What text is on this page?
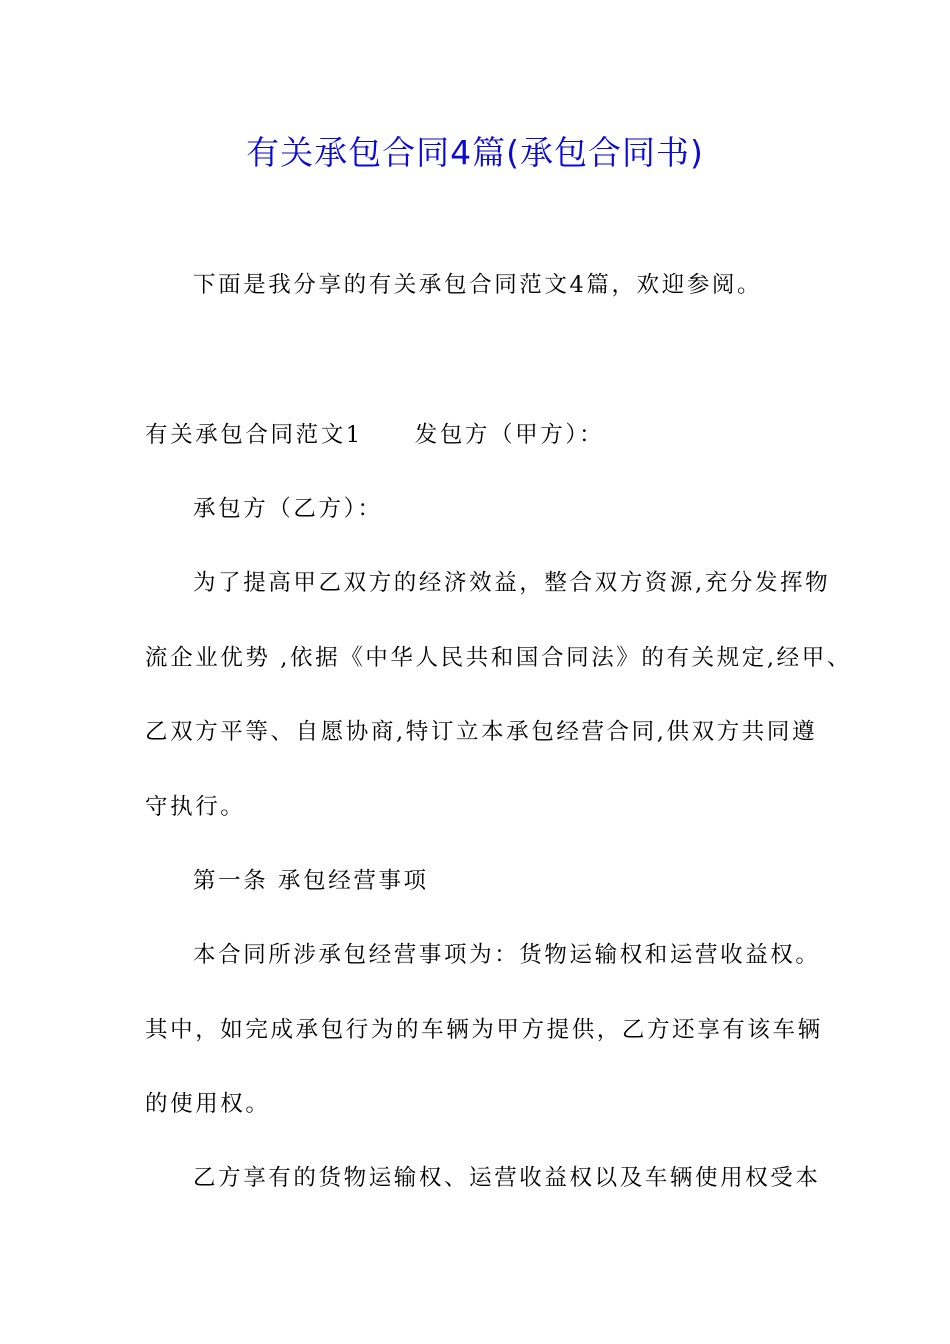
有关承包合同4篇(承包合同书)
下面是我分享的有关承包合同范文4篇，欢迎参阅。
有关承包合同范文1 发包方（甲方）：
承包方（乙方）：
为了提高甲乙双方的经济效益，整合双方资源,充分发挥物
流企业优势 ,依据《中华人民共和国合同法》的有关规定,经甲、
乙双方平等、自愿协商,特订立本承包经营合同,供双方共同遵
守执行。
第一条 承包经营事项
本合同所涉承包经营事项为：货物运输权和运营收益权。
其中，如完成承包行为的车辆为甲方提供，乙方还享有该车辆
的使用权。
乙方享有的货物运输权、运营收益权以及车辆使用权受本
